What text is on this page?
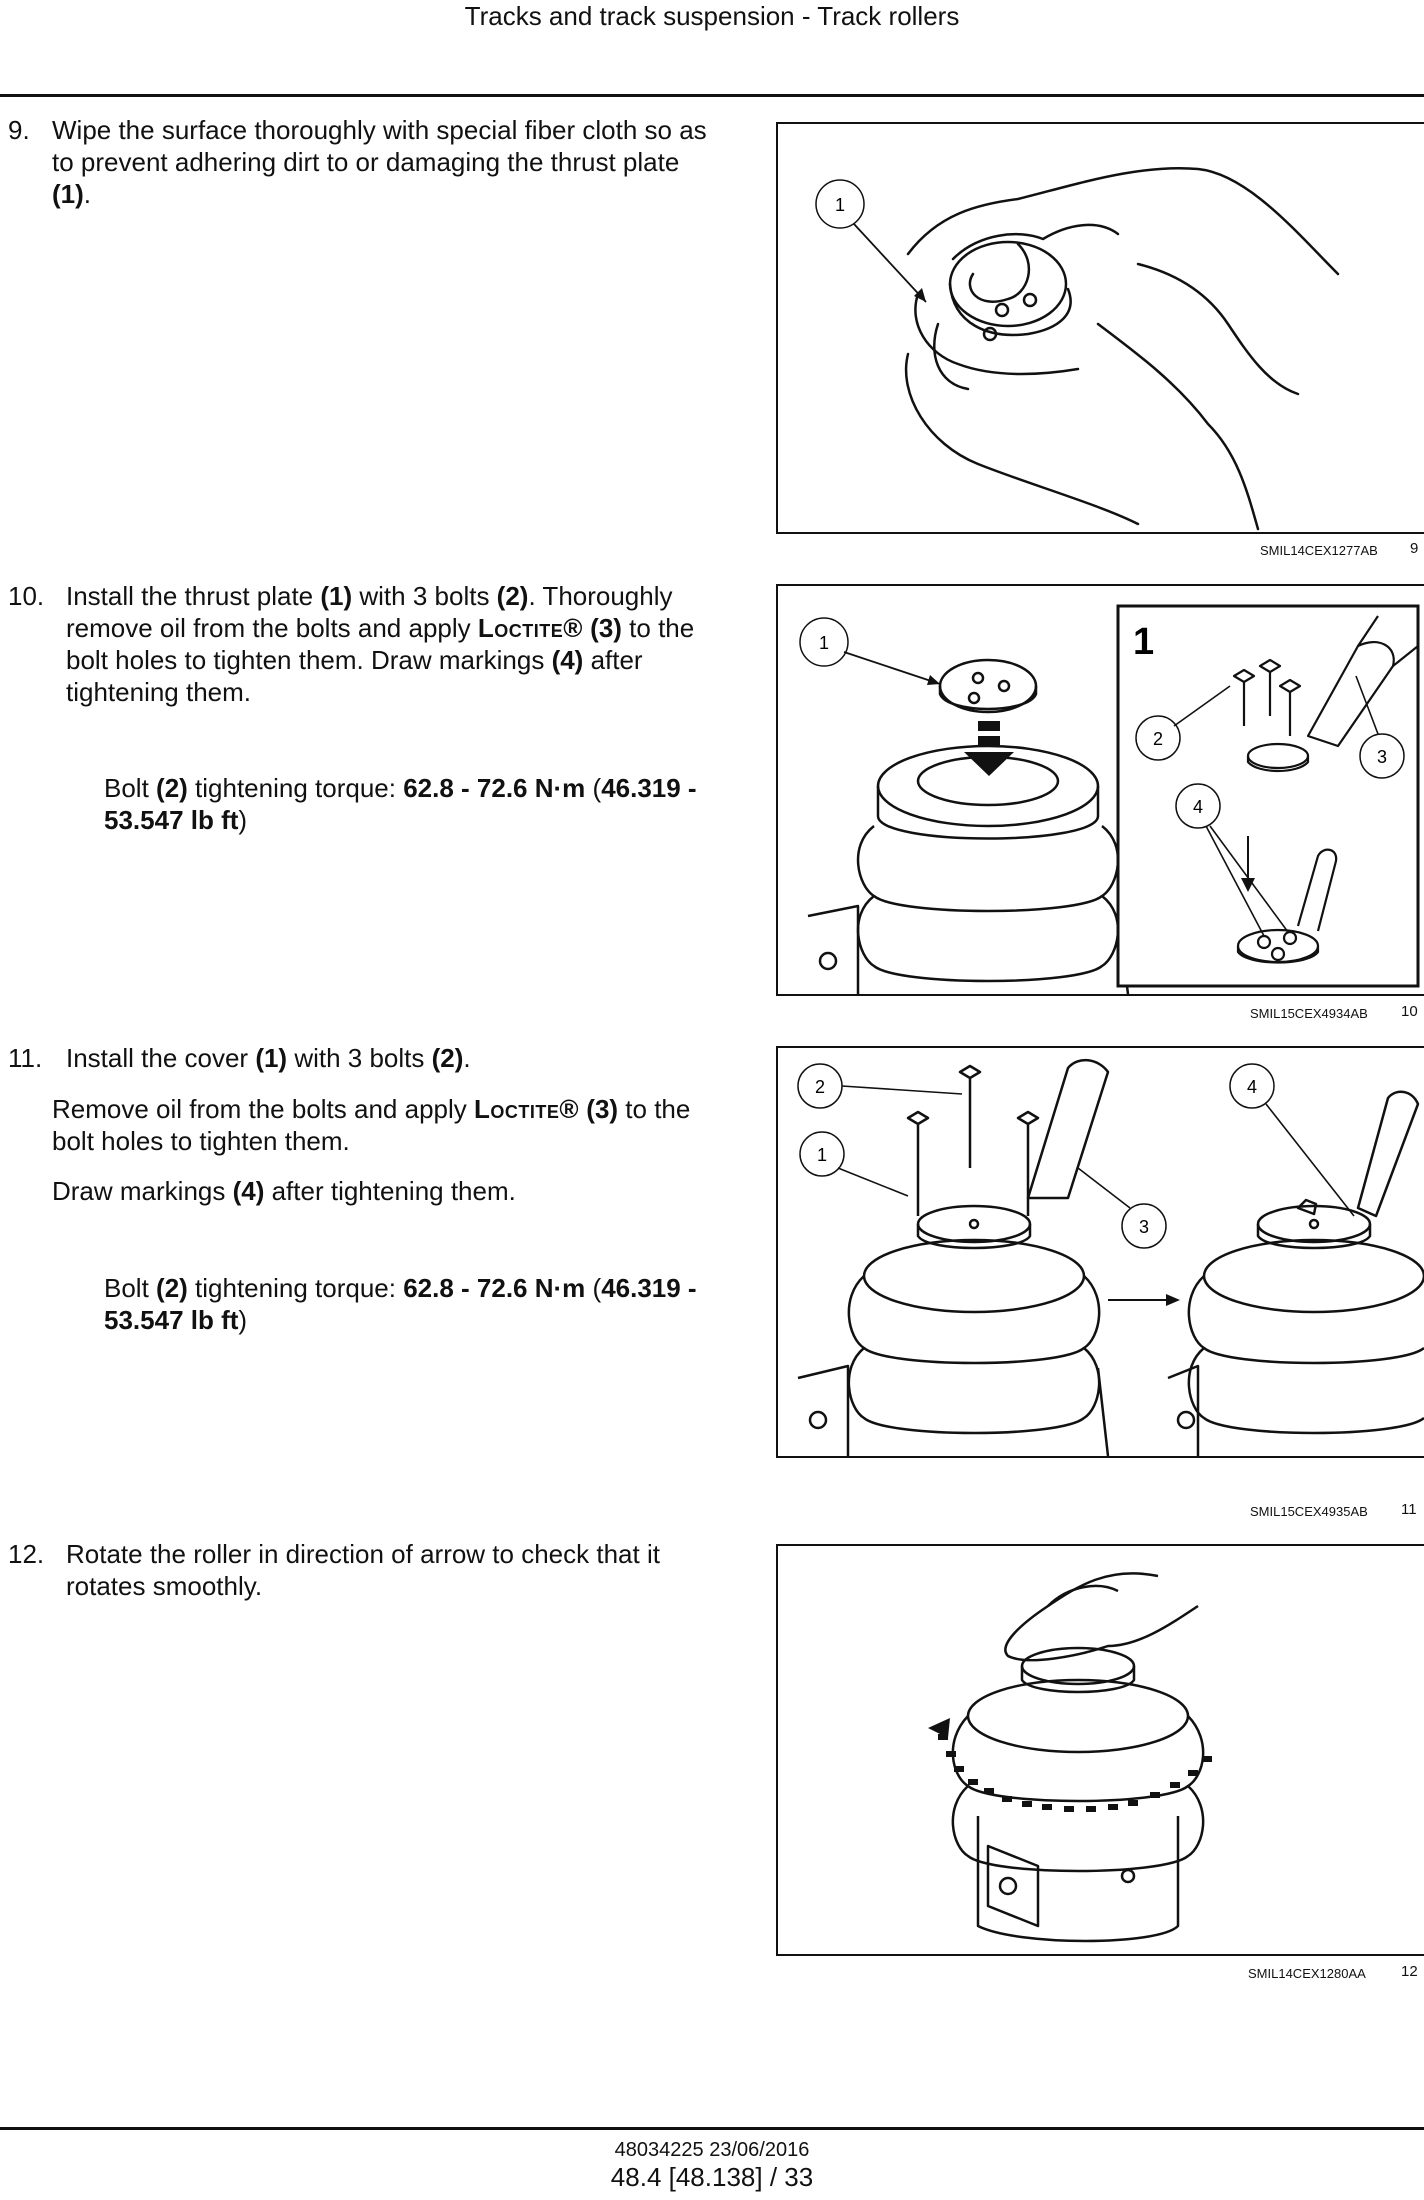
Tracks and track suspension - Track rollers
9. Wipe the surface thoroughly with special fiber cloth so as to prevent adhering dirt to or damaging the thrust plate (1).	1
SMIL14CEX1277AB 9
10. Install the thrust plate (1) with 3 bolts (2). Thoroughly remove oil from the bolts and apply Loctite® (3) to the bolt holes to tighten them. Draw markings (4) after tightening them.
Bolt (2) tightening torque: 62.8 - 72.6 N·m (46.319 - 53.547 lb ft)
1	1
2
3
4
SMIL15CEX4934AB 10
11. Install the cover (1) with 3 bolts (2).

Remove oil from the bolts and apply Loctite® (3) to the bolt holes to tighten them.

Draw markings (4) after tightening them.

Bolt (2) tightening torque: 62.8 - 72.6 N·m (46.319 - 53.547 lb ft)
2
1
3
4
SMIL15CEX4935AB 11
12. Rotate the roller in direction of arrow to check that it rotates smoothly.
SMIL14CEX1280AA 12
48034225 23/06/2016
48.4 [48.138] / 33
